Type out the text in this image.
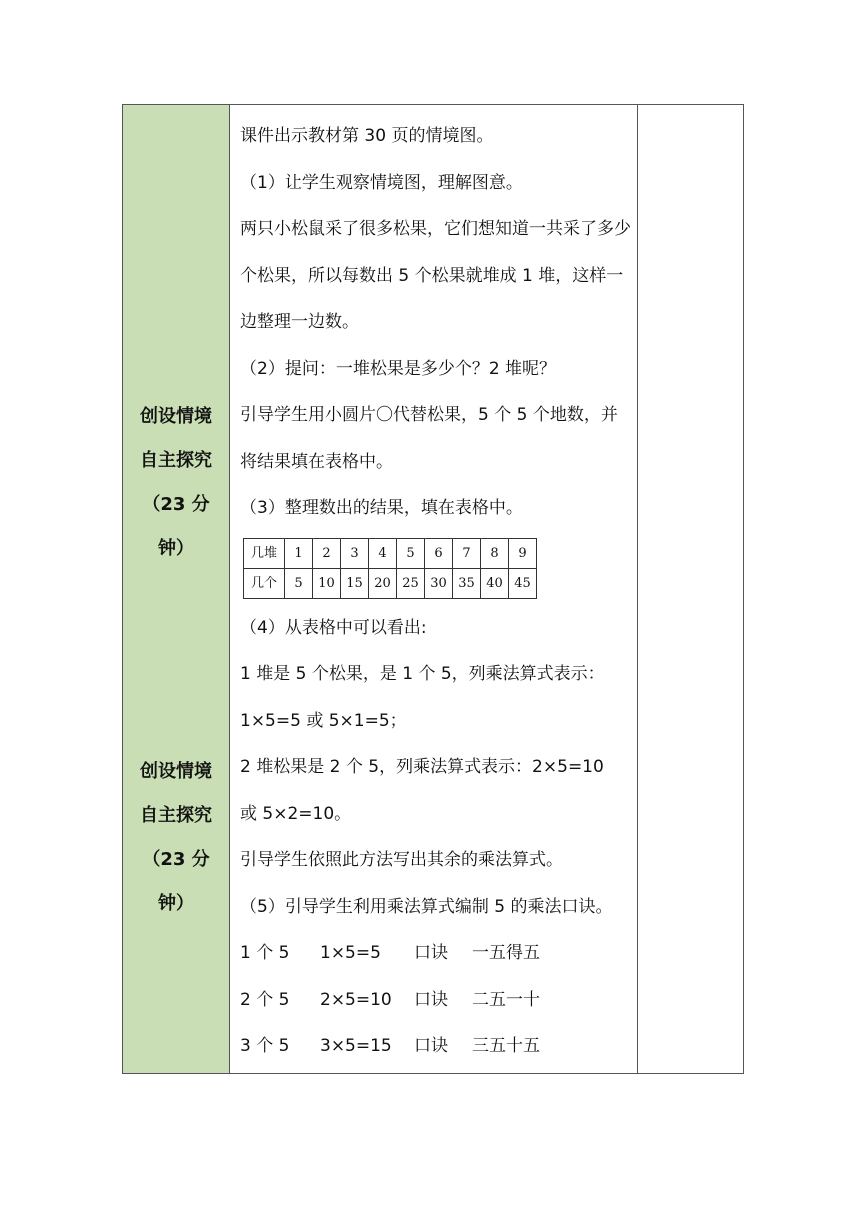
创设情境
自主探究
（23 分
钟）
创设情境
自主探究
（23 分
钟）

课件出示教材第 30 页的情境图。

（1）让学生观察情境图，理解图意。

两只小松鼠采了很多松果，它们想知道一共采了多少个松果，所以每数出 5 个松果就堆成 1 堆，这样一边整理一边数。

（2）提问：一堆松果是多少个？2 堆呢？

引导学生用小圆片〇代替松果，5 个 5 个地数，并将结果填在表格中。

（3）整理数出的结果，填在表格中。

几堆	1	2	3	4	5	6	7	8	9
几个	5	10	15	20	25	30	35	40	45

（4）从表格中可以看出:

1 堆是 5 个松果，是 1 个 5，列乘法算式表示：

1×5=5 或 5×1=5；

2 堆松果是 2 个 5，列乘法算式表示：2×5=10

或 5×2=10。

引导学生依照此方法写出其余的乘法算式。

（5）引导学生利用乘法算式编制 5 的乘法口诀。

1 个 5 1×5=5 口诀 一五得五

2 个 5 2×5=10 口诀 二五一十

3 个 5 3×5=15 口诀 三五十五
